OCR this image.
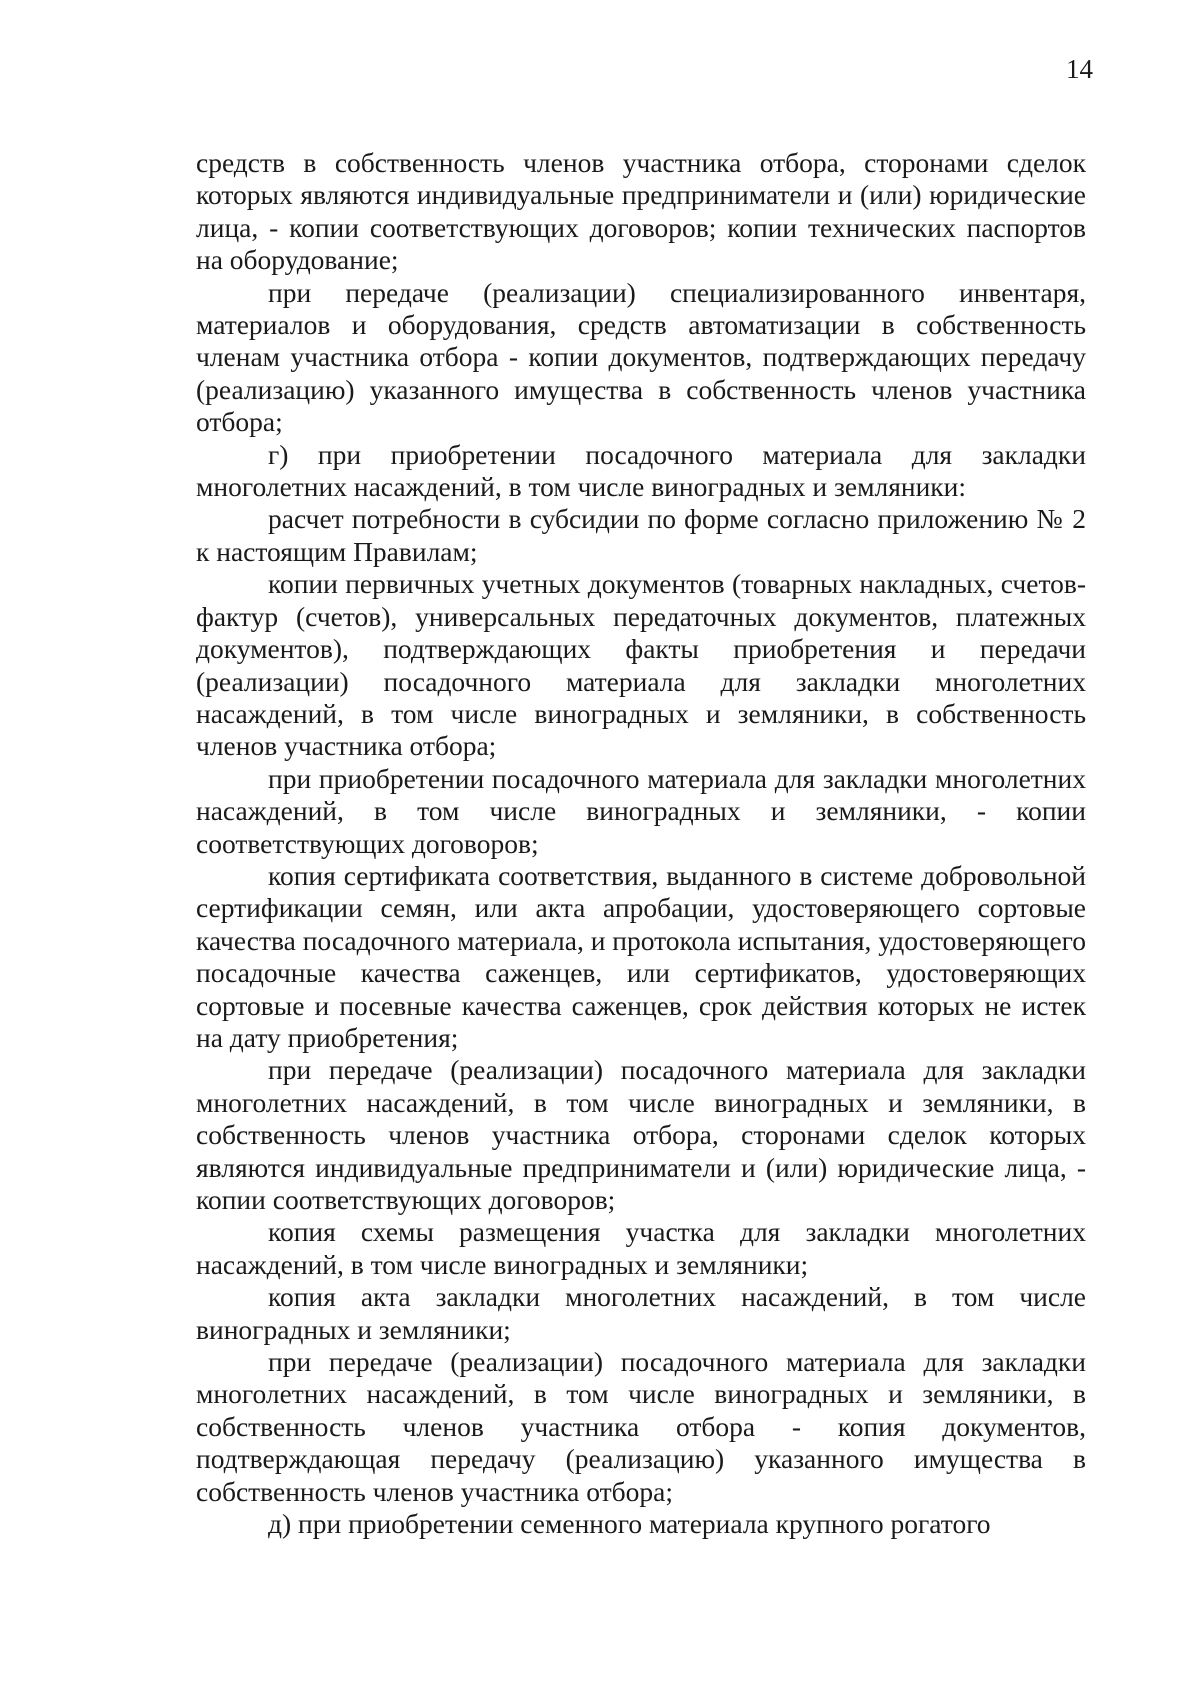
14

средств в собственность членов участника отбора, сторонами сделок которых являются индивидуальные предприниматели и (или) юридические лица, - копии соответствующих договоров; копии технических паспортов на оборудование;

при передаче (реализации) специализированного инвентаря, материалов и оборудования, средств автоматизации в собственность членам участника отбора - копии документов, подтверждающих передачу (реализацию) указанного имущества в собственность членов участника отбора;

г) при приобретении посадочного материала для закладки многолетних насаждений, в том числе виноградных и земляники:

расчет потребности в субсидии по форме согласно приложению № 2 к настоящим Правилам;

копии первичных учетных документов (товарных накладных, счетов-фактур (счетов), универсальных передаточных документов, платежных документов), подтверждающих факты приобретения и передачи (реализации) посадочного материала для закладки многолетних насаждений, в том числе виноградных и земляники, в собственность членов участника отбора;

при приобретении посадочного материала для закладки многолетних насаждений, в том числе виноградных и земляники, - копии соответствующих договоров;

копия сертификата соответствия, выданного в системе добровольной сертификации семян, или акта апробации, удостоверяющего сортовые качества посадочного материала, и протокола испытания, удостоверяющего посадочные качества саженцев, или сертификатов, удостоверяющих сортовые и посевные качества саженцев, срок действия которых не истек на дату приобретения;

при передаче (реализации) посадочного материала для закладки многолетних насаждений, в том числе виноградных и земляники, в собственность членов участника отбора, сторонами сделок которых являются индивидуальные предприниматели и (или) юридические лица, - копии соответствующих договоров;

копия схемы размещения участка для закладки многолетних насаждений, в том числе виноградных и земляники;

копия акта закладки многолетних насаждений, в том числе виноградных и земляники;

при передаче (реализации) посадочного материала для закладки многолетних насаждений, в том числе виноградных и земляники, в собственность членов участника отбора - копия документов, подтверждающая передачу (реализацию) указанного имущества в собственность членов участника отбора;

д) при приобретении семенного материала крупного рогатого
